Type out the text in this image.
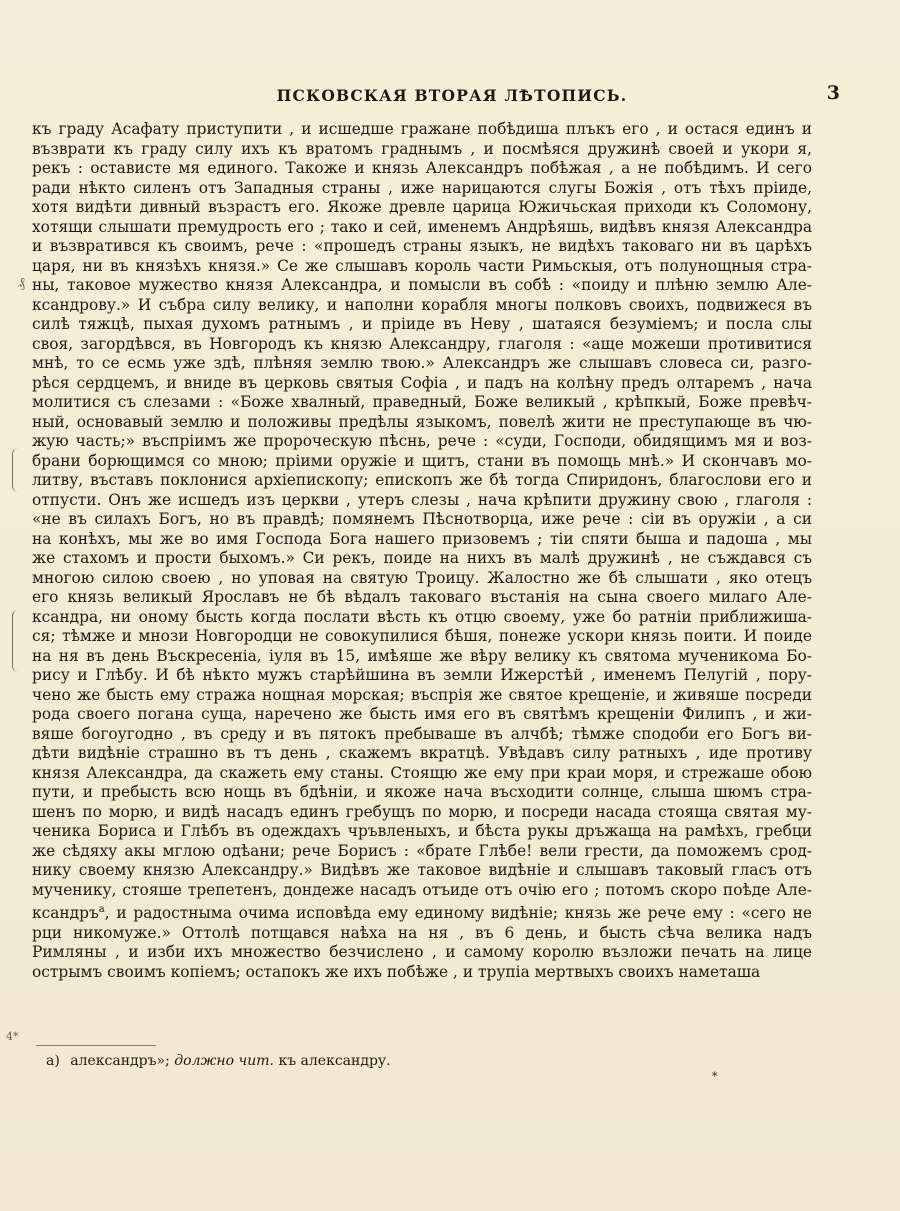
ПСКОВСКАЯ ВТОРАЯ ЛѢТОПИСЬ.	3
къ граду Асафату приступити , и исшедше гражане побѣдиша плъкъ его , и остася единъ и
възврати къ граду силу ихъ къ вратомъ граднымъ , и посмѣяся дружинѣ своей и укори я,
рекъ : остависте мя единого. Такоже и князь Александръ побѣжая , а не побѣдимъ. И сего
ради нѣкто силенъ отъ Западныя страны , иже нарицаются слугы Божія , отъ тѣхъ пріиде,
хотя видѣти дивный възрастъ его. Якоже древле царица Южичьская приходи къ Соломону,
хотящи слышати премудрость его ; тако и сей, именемъ Андрѣяшь, видѣвъ князя Александра
и възвратився къ своимъ, рече : «прошедъ страны языкъ, не видѣхъ таковаго ни въ царѣхъ
царя, ни въ князѣхъ князя.» Се же слышавъ король части Римьскыя, отъ полунощныя стра-
ны, таковое мужество князя Александра, и помысли въ собѣ : «поиду и плѣню землю Але-
ксандрову.» И събра силу велику, и наполни корабля многы полковъ своихъ, подвижеся въ
силѣ тяжцѣ, пыхая духомъ ратнымъ , и пріиде въ Неву , шатаяся безуміемъ; и посла слы
своя, загордѣвся, въ Новгородъ къ князю Александру, глаголя : «аще можеши противитися
мнѣ, то се есмь уже здѣ, плѣняя землю твою.» Александръ же слышавъ словеса си, разго-
рѣся сердцемъ, и вниде въ церковь святыя Софіа , и падъ на колѣну предъ олтаремъ , нача
молитися съ слезами : «Боже хвалный, праведный, Боже великый , крѣпкый, Боже превѣч-
ный, основавый землю и положивы предѣлы языкомъ, повелѣ жити не преступающе въ чю-
жую часть;» въспріимъ же пророческую пѣснь, рече : «суди, Господи, обидящимъ мя и воз-
брани борющимся со мною; пріими оружіе и щитъ, стани въ помощь мнѣ.» И скончавъ мо-
литву, въставъ поклонися архіепископу; епископъ же бѣ тогда Спиридонъ, благослови его и
отпусти. Онъ же исшедъ изъ церкви , утеръ слезы , нача крѣпити дружину свою , глаголя :
«не въ силахъ Богъ, но въ правдѣ; помянемъ Пѣснотворца, иже рече : сіи въ оружіи , а си
на конѣхъ, мы же во имя Господа Бога нашего призовемъ ; тіи спяти быша и падоша , мы
же стахомъ и прости быхомъ.» Си рекъ, поиде на нихъ въ малѣ дружинѣ , не съждався съ
многою силою своею , но уповая на святую Троицу. Жалостно же бѣ слышати , яко отецъ
его князь великый Ярославъ не бѣ вѣдалъ таковаго въстанія на сына своего милаго Але-
ксандра, ни оному бысть когда послати вѣсть къ отцю своему, уже бо ратніи приближиша-
ся; тѣмже и мнози Новгородци не совокупилися бѣшя, понеже ускори князь поити. И поиде
на ня въ день Въскресеніа, іуля въ 15, имѣяше же вѣру велику къ святома мученикома Бо-
рису и Глѣбу. И бѣ нѣкто мужъ старѣйшина въ земли Ижерстѣй , именемъ Пелугій , пору-
чено же бысть ему стража нощная морская; въспрія же святое крещеніе, и живяше посреди
рода своего погана суща, наречено же бысть имя его въ святѣмъ крещеніи Филипъ , и жи-
вяше богоугодно , въ среду и въ пятокъ пребываше въ алчбѣ; тѣмже сподоби его Богъ ви-
дѣти видѣніе страшно въ тъ день , скажемъ вкратцѣ. Увѣдавъ силу ратныхъ , иде противу
князя Александра, да скажеть ему станы. Стоящю же ему при краи моря, и стрежаше обою
пути, и пребысть всю нощь въ бдѣніи, и якоже нача въсходити солнце, слыша шюмъ стра-
шенъ по морю, и видѣ насадъ единъ гребущъ по морю, и посреди насада стояща святая му-
ченика Бориса и Глѣбъ въ одеждахъ чръвленыхъ, и бѣста рукы дръжаща на рамѣхъ, гребци
же сѣдяху акы мглою одѣани; рече Борисъ : «брате Глѣбе! вели грести, да поможемъ срод-
нику своему князю Александру.» Видѣвъ же таковое видѣніе и слышавъ таковый гласъ отъ
мученику, стояше трепетенъ, дондеже насадъ отъиде отъ очію его ; потомъ скоро поѣде Але-
ксандръ$^а$, и радостныма очима исповѣда ему единому видѣніе; князь же рече ему : «сего не
рци никомуже.» Оттолѣ потщався наѣха на ня , въ 6 день, и бысть сѣча велика надъ
Римляны , и изби ихъ множество безчислено , и самому королю възложи печать на лице
острымъ своимъ копіемъ; остапокъ же ихъ побѣже , и трупіа мертвыхъ своихъ наметаша
₰
4*
а) александръ»; должно чит. къ александру.
*
